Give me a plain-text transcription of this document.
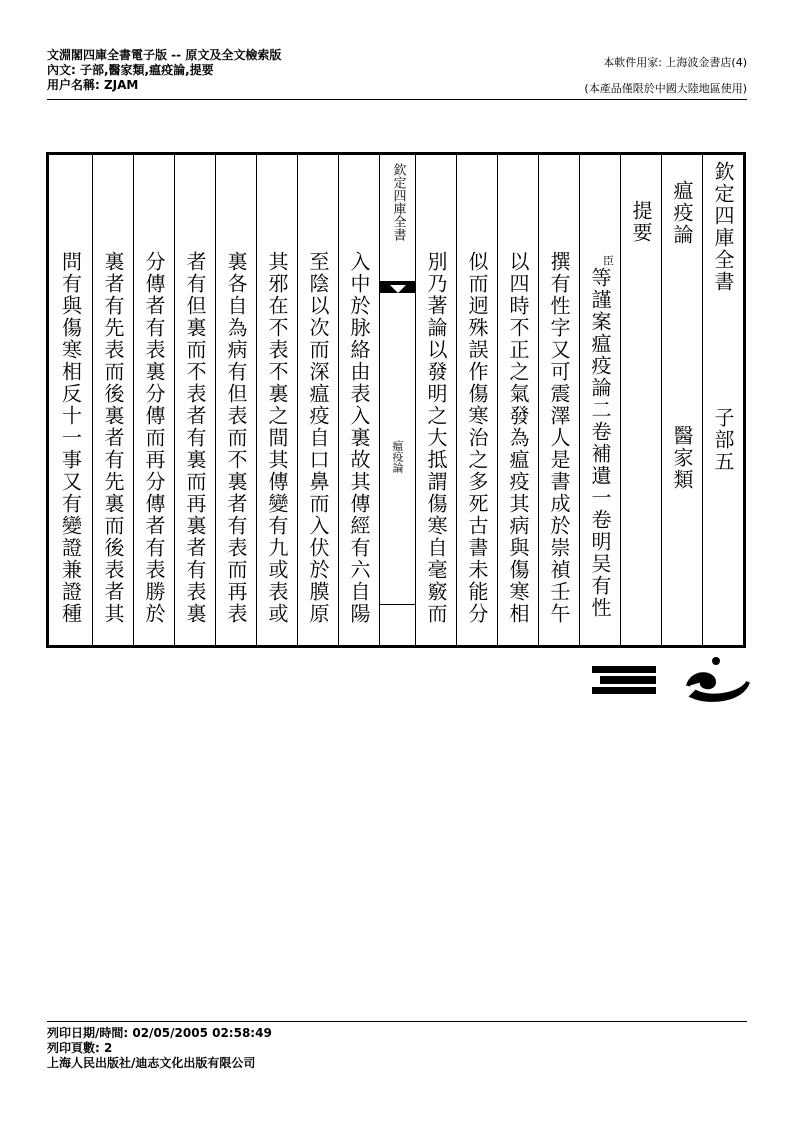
文淵閣四庫全書電子版 -- 原文及全文檢索版
內文: 子部,醫家類,瘟疫論,提要
用户名稱: ZJAM
本軟件用家: 上海波金書店(4)
(本產品僅限於中國大陸地區使用)
欽定四庫全書
子部五
瘟疫論
醫家類
提要
臣
等謹案瘟疫論二卷補遺一卷明吴有性
撰有性字又可震澤人是書成於崇禎壬午
以四時不正之氣發為瘟疫其病與傷寒相
似而迥殊誤作傷寒治之多死古書未能分
別乃著論以發明之大抵謂傷寒自毫竅而
欽定四庫全書
瘟疫論
入中於脉絡由表入裏故其傳經有六自陽
至陰以次而深瘟疫自口鼻而入伏於膜原
其邪在不表不裏之間其傳變有九或表或
裏各自為病有但表而不裏者有表而再表
者有但裏而不表者有裏而再裏者有表裏
分傳者有表裏分傳而再分傳者有表勝於
裏者有先表而後裏者有先裏而後表者其
問有與傷寒相反十一事又有變證兼證種
列印日期/時間: 02/05/2005 02:58:49
列印頁數: 2
上海人民出版社/迪志文化出版有限公司
